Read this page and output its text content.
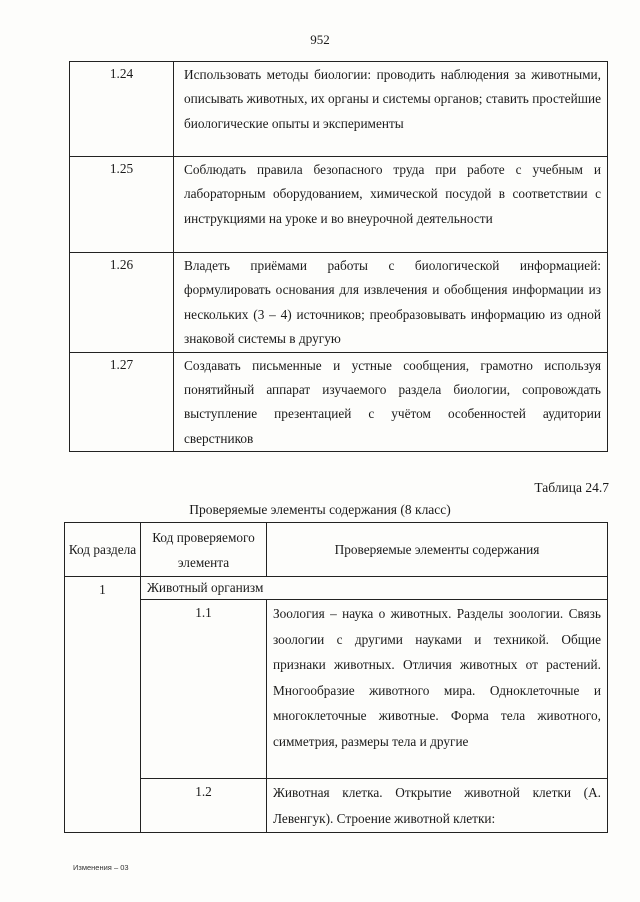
952
1.24	Использовать методы биологии: проводить наблюдения за животными, описывать животных, их органы и системы органов; ставить простейшие биологические опыты и эксперименты
1.25	Соблюдать правила безопасного труда при работе с учебным и лабораторным оборудованием, химической посудой в соответствии с инструкциями на уроке и во внеурочной деятельности
1.26	Владеть приёмами работы с биологической информацией: формулировать основания для извлечения и обобщения информации из нескольких (3 – 4) источников; преобразовывать информацию из одной знаковой системы в другую
1.27	Создавать письменные и устные сообщения, грамотно используя понятийный аппарат изучаемого раздела биологии, сопровождать выступление презентацией с учётом особенностей аудитории сверстников
Таблица 24.7
Проверяемые элементы содержания (8 класс)
Код раздела	Код проверяемого элемента	Проверяемые элементы содержания
1	Животный организм	
	1.1	Зоология – наука о животных. Разделы зоологии. Связь зоологии с другими науками и техникой. Общие признаки животных. Отличия животных от растений. Многообразие животного мира. Одноклеточные и многоклеточные животные. Форма тела животного, симметрия, размеры тела и другие
	1.2	Животная клетка. Открытие животной клетки (А. Левенгук). Строение животной клетки:
Изменения – 03
